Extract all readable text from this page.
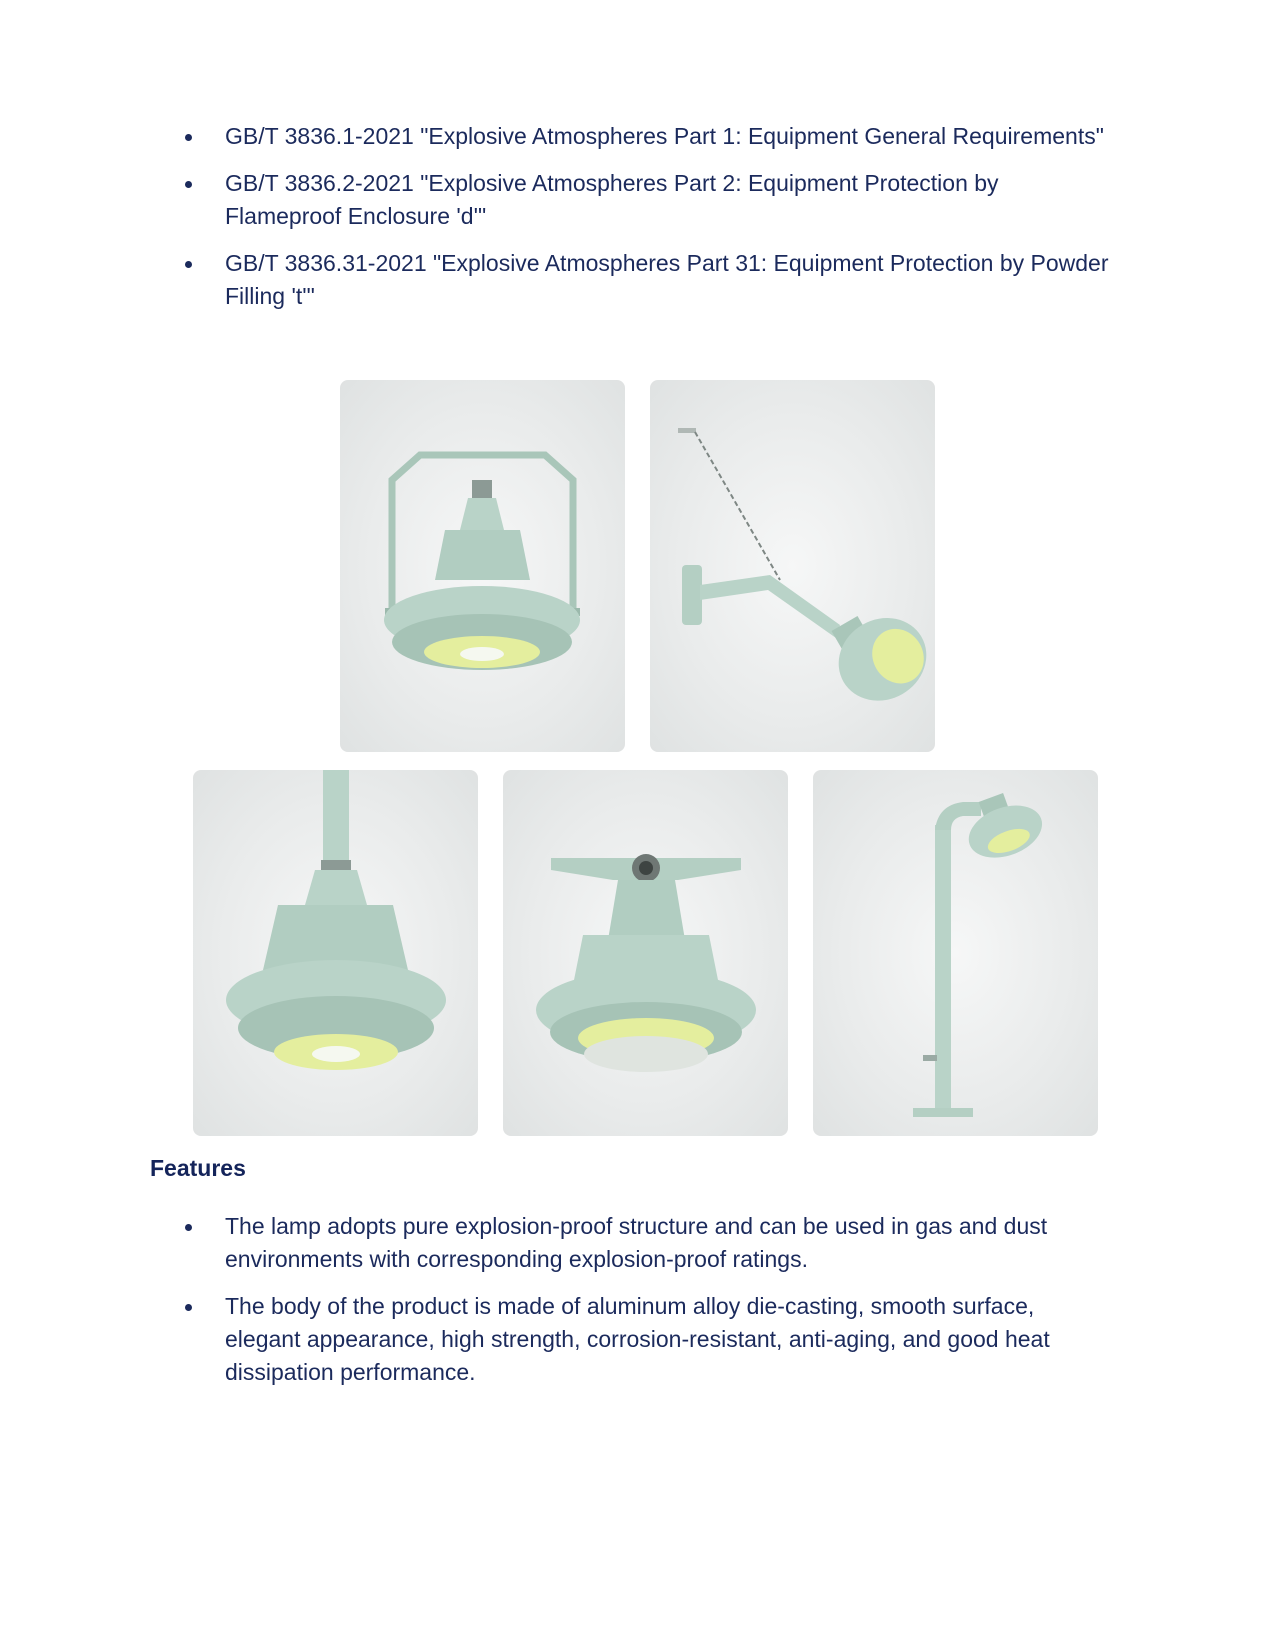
GB/T 3836.1-2021 "Explosive Atmospheres Part 1: Equipment General Requirements"
GB/T 3836.2-2021 "Explosive Atmospheres Part 2: Equipment Protection by Flameproof Enclosure 'd'"
GB/T 3836.31-2021 "Explosive Atmospheres Part 31: Equipment Protection by Powder Filling 't'"
Features
The lamp adopts pure explosion-proof structure and can be used in gas and dust environments with corresponding explosion-proof ratings.
The body of the product is made of aluminum alloy die-casting, smooth surface, elegant appearance, high strength, corrosion-resistant, anti-aging, and good heat dissipation performance.
